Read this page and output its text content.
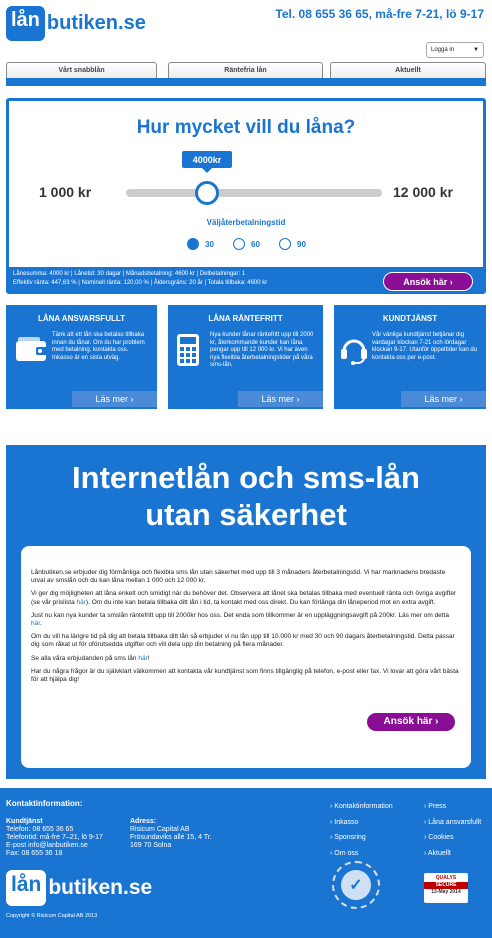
lån butiken.se	Tel. 08 655 36 65, må-fre 7-21, lö 9-17
Logga in	▼
Vårt snabblån	Räntefria lån	Aktuellt
Hur mycket vill du låna?
4000kr
1 000 kr	12 000 kr
Väljåterbetalningstid
30	60	90
Lånesumma: 4000 kr | Lånetid: 30 dagar | Månadsbetalning: 4600 kr | Delbetalningar: 1
Effektiv ränta: 447,63 % | Nominell ränta: 120,00 % | Åldersgräns: 20 år | Totala tillbaka: 4600 kr	Ansök här ›
LÅNA ANSVARSFULLT
Tänk att ett lån ska betalas tillbaka innan du lånar. Om du har problem med betalning, kontakta oss. Inkasso är en sista utväg.
Läs mer ›
LÅNA RÄNTEFRITT
Nya kunder lånar räntefritt upp till 2000 kr, återkommande kunder kan låna pengar upp till 12 000 kr. Vi har även nya flexibla återbetalningstider på våra sms-lån.
Läs mer ›
KUNDTJÄNST
Vår vänliga kundtjänst betjänar dig vardagar klockan 7-21 och lördagar klockan 9-17. Utanför öppettider kan du kontakta oss per e-post.
Läs mer ›
Internetlån och sms-lån
utan säkerhet

Lånbutiken.se erbjuder dig förmånliga och flexibla sms lån utan säkerhet med upp till 3 månaders återbetalningstid. Vi har marknadens bredaste urval av smslån och du kan låna mellan 1 000 och 12 000 kr.

Vi ger dig möjligheten att låna enkelt och smidigt när du behöver det. Observera att lånet ska betalas tillbaka med eventuell ränta och övriga avgifter (se vår prislista här). Om du inte kan betala tillbaka ditt lån i tid, ta kontakt med oss direkt. Du kan förlänga din låneperiod mot en extra avgift.

Just nu kan nya kunder ta smslån räntefritt upp till 2000kr hos oss. Det enda som tillkommer är en uppläggningsavgift på 200kr. Läs mer om detta här.

Om du vill ha längre tid på dig att betala tillbaka ditt lån så erbjuder vi nu lån upp till 10.000 kr med 30 och 90 dagars återbetalningstid. Detta passar dig som råkat ut för oförutsedda utgifter och vill dela upp din betalning på flera månader.

Se alla våra erbjudanden på sms lån här!

Har du några frågor är du självklart välkommen att kontakta vår kundtjänst som finns tillgänglig på telefon, e-post eller fax. Vi lovar att göra vårt bästa för att hjälpa dig!

Ansök här ›
Kontaktinformation:
Kundtjänst
Telefon: 08 655 36 65
Telefontid: må-fre 7–21, lö 9-17
E-post info@lanbutiken.se
Fax: 08 655 36 18
Adress:
Risicum Capital AB
Frösundaviks allé 15, 4 Tr.
169 70 Solna
› Kontaktinformation
› Inkasso
› Sponsring
› Om oss
› Press
› Låna ansvarsfullt
› Cookies
› Aktuellt
lån butiken.se	✓	QUALYS
SECURE
13-May 2014
Copyright © Risicum Capital AB 2013
